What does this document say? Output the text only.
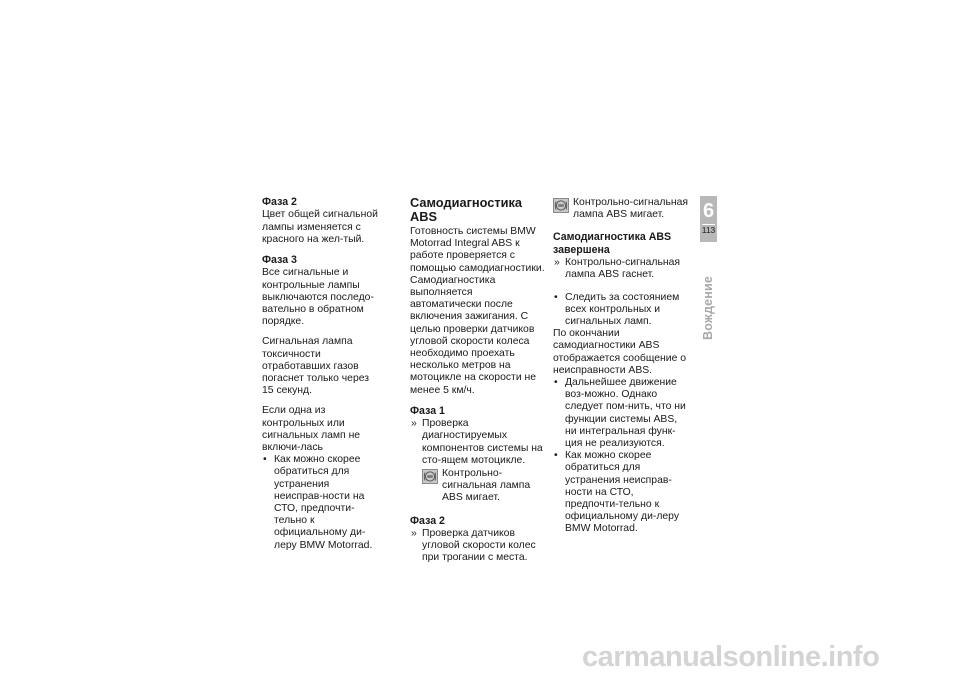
Фаза 2

Цвет общей сигнальной лампы изменяется с красного на жел-тый.

Фаза 3

Все сигнальные и контрольные лампы выключаются последо-вательно в обратном порядке.

Сигнальная лампа токсичности отработавших газов погаснет только через 15 секунд.

Если одна из контрольных или сигнальных ламп не включи-лась

• Как можно скорее обратиться для устранения неисправ-ности на СТО, предпочти-тельно к официальному ди-леру BMW Motorrad.
Самодиагностика ABS

Готовность системы BMW Motorrad Integral ABS к работе проверяется с помощью самодиагностики. Самодиагностика выполняется автоматически после включения зажигания. С целью проверки датчиков угловой скорости колеса необходимо проехать несколько метров на мотоцикле на скорости не менее 5 км/ч.

Фаза 1
» Проверка диагностируемых компонентов системы на сто-ящем мотоцикле.
Контрольно-сигнальная лампа ABS мигает.
Фаза 2
» Проверка датчиков угловой скорости колес при трогании с места.
Контрольно-сигнальная лампа ABS мигает.
Самодиагностика ABS завершена
» Контрольно-сигнальная лампа ABS гаснет.
• Следить за состоянием всех контрольных и сигнальных ламп.

По окончании самодиагностики ABS отображается сообщение о неисправности ABS.

• Дальнейшее движение воз-можно. Однако следует пом-нить, что ни функции системы ABS, ни интегральная функ-ция не реализуются.
• Как можно скорее обратиться для устранения неисправ-ности на СТО, предпочти-тельно к официальному ди-леру BMW Motorrad.
6
113
Вождение
carmanualsonline.info
